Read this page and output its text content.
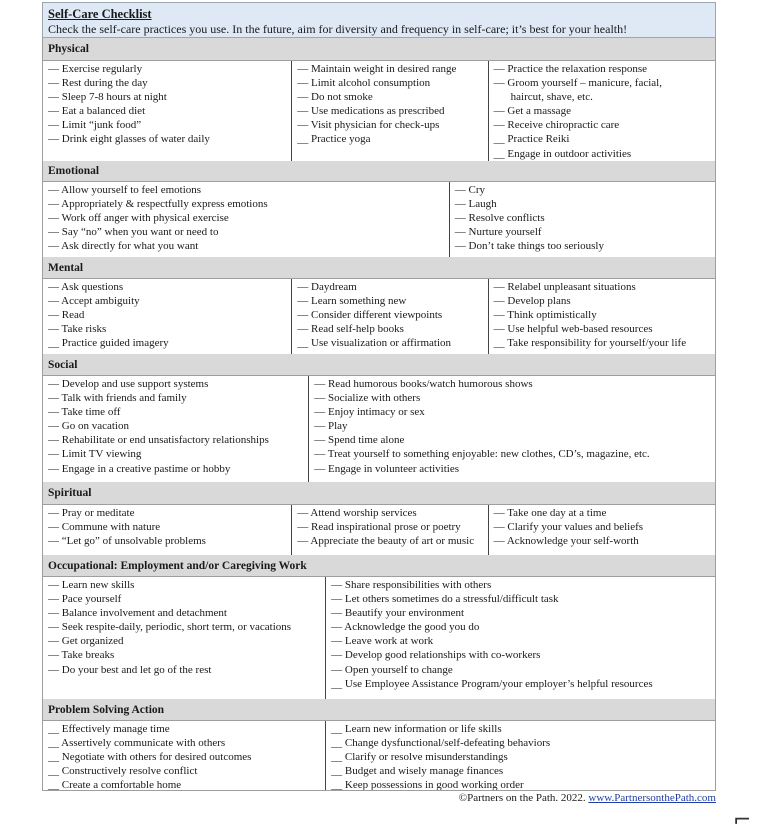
Self-Care Checklist
Check the self-care practices you use. In the future, aim for diversity and frequency in self-care; it’s best for your health!
Physical
— Exercise regularly
— Rest during the day
— Sleep 7-8 hours at night
— Eat a balanced diet
— Limit “junk food”
— Drink eight glasses of water daily
— Maintain weight in desired range
— Limit alcohol consumption
— Do not smoke
— Use medications as prescribed
— Visit physician for check-ups
__ Practice yoga
— Practice the relaxation response
— Groom yourself – manicure, facial,
haircut, shave, etc.
— Get a massage
— Receive chiropractic care
__ Practice Reiki
__ Engage in outdoor activities
Emotional
— Allow yourself to feel emotions
— Appropriately & respectfully express emotions
— Work off anger with physical exercise
— Say “no” when you want or need to
— Ask directly for what you want
— Cry
— Laugh
— Resolve conflicts
— Nurture yourself
— Don’t take things too seriously
Mental
— Ask questions
— Accept ambiguity
— Read
— Take risks
__ Practice guided imagery
— Daydream
— Learn something new
— Consider different viewpoints
— Read self-help books
__ Use visualization or affirmation
— Relabel unpleasant situations
— Develop plans
— Think optimistically
— Use helpful web-based resources
__ Take responsibility for yourself/your life
Social
— Develop and use support systems
— Talk with friends and family
— Take time off
— Go on vacation
— Rehabilitate or end unsatisfactory relationships
— Limit TV viewing
— Engage in a creative pastime or hobby
— Read humorous books/watch humorous shows
— Socialize with others
— Enjoy intimacy or sex
— Play
— Spend time alone
— Treat yourself to something enjoyable: new clothes, CD’s, magazine, etc.
— Engage in volunteer activities
Spiritual
— Pray or meditate
— Commune with nature
— “Let go” of unsolvable problems
— Attend worship services
— Read inspirational prose or poetry
— Appreciate the beauty of art or music
— Take one day at a time
— Clarify your values and beliefs
— Acknowledge your self-worth
Occupational: Employment and/or Caregiving Work
— Learn new skills
— Pace yourself
— Balance involvement and detachment
— Seek respite-daily, periodic, short term, or vacations
— Get organized
— Take breaks
— Do your best and let go of the rest
— Share responsibilities with others
— Let others sometimes do a stressful/difficult task
— Beautify your environment
— Acknowledge the good you do
— Leave work at work
— Develop good relationships with co-workers
— Open yourself to change
__ Use Employee Assistance Program/your employer’s helpful resources
Problem Solving Action
__ Effectively manage time
__ Assertively communicate with others
__ Negotiate with others for desired outcomes
__ Constructively resolve conflict
__ Create a comfortable home
__ Learn new information or life skills
__ Change dysfunctional/self-defeating behaviors
__ Clarify or resolve misunderstandings
__ Budget and wisely manage finances
__ Keep possessions in good working order
©Partners on the Path. 2022. www.PartnersonthePath.com
⌐
